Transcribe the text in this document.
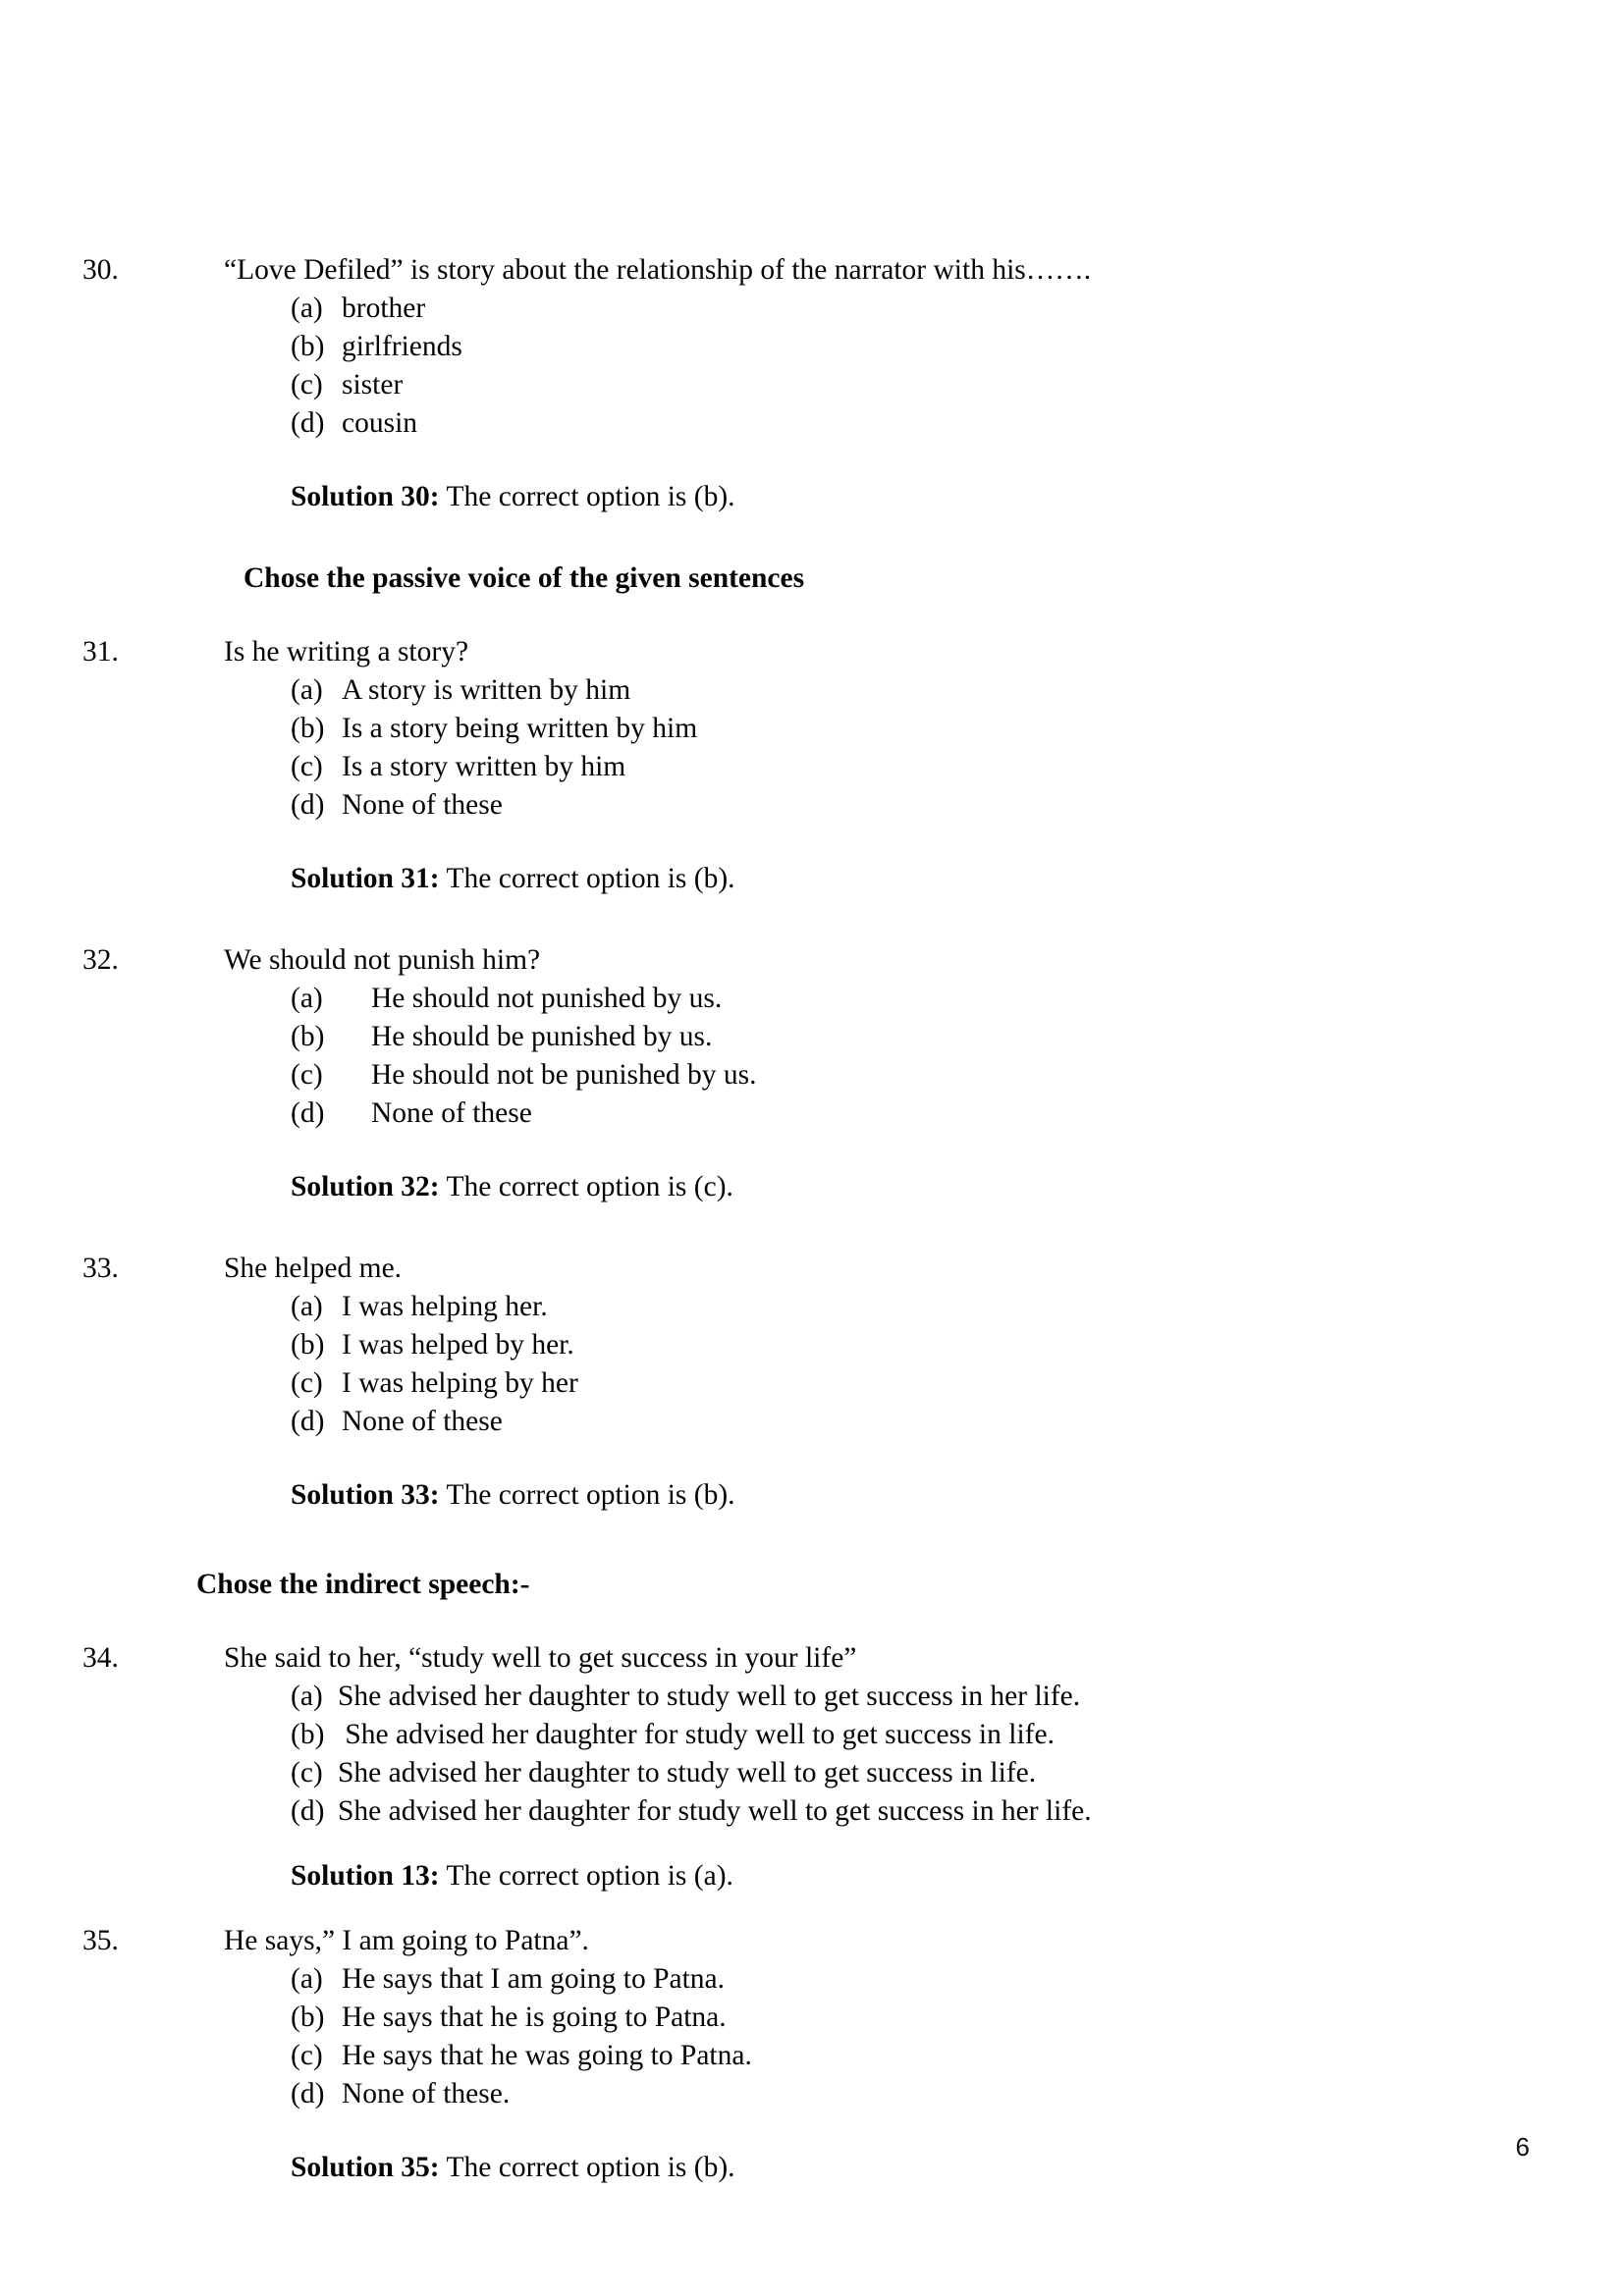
30.	“Love Defiled” is story about the relationship of the narrator with his…….
(a) brother
(b) girlfriends
(c) sister
(d) cousin
Solution 30: The correct option is (b).
Chose the passive voice of the given sentences
31.	Is he writing a story?
(a) A story is written by him
(b) Is a story being written by him
(c) Is a story written by him
(d) None of these
Solution 31: The correct option is (b).
32.	We should not punish him?
(a) He should not punished by us.
(b) He should be punished by us.
(c) He should not be punished by us.
(d) None of these
Solution 32: The correct option is (c).
33.	She helped me.
(a) I was helping her.
(b) I was helped by her.
(c) I was helping by her
(d) None of these
Solution 33: The correct option is (b).
Chose the indirect speech:-
34.	She said to her, “study well to get success in your life”
(a) She advised her daughter to study well to get success in her life.
(b) She advised her daughter for study well to get success in life.
(c) She advised her daughter to study well to get success in life.
(d) She advised her daughter for study well to get success in her life.
Solution 13: The correct option is (a).
35.	He says,” I am going to Patna”.
(a) He says that I am going to Patna.
(b) He says that he is going to Patna.
(c) He says that he was going to Patna.
(d) None of these.
Solution 35: The correct option is (b).
6
